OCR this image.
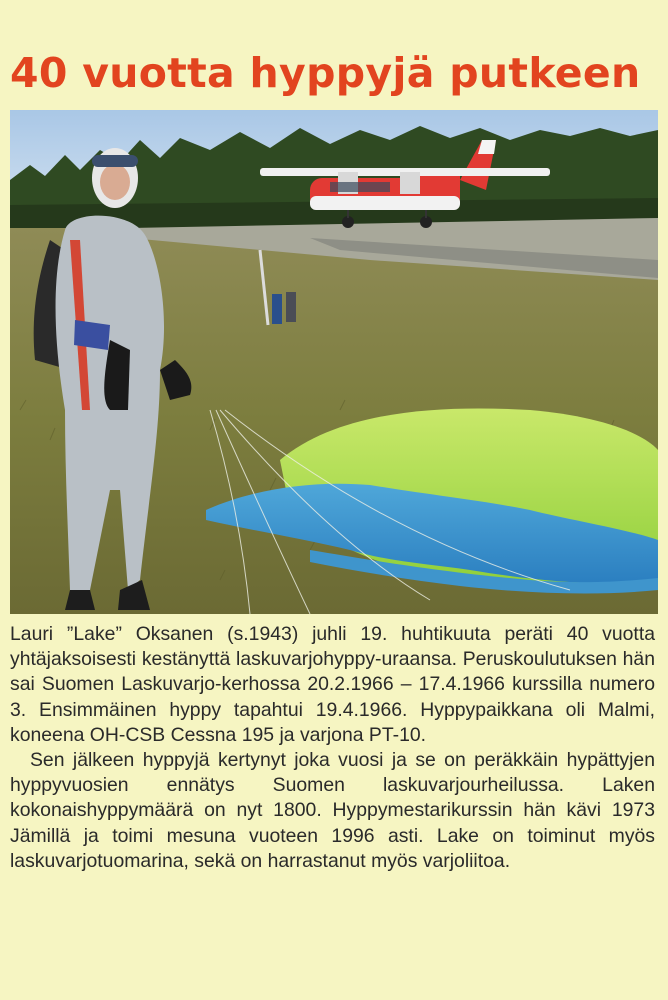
40 vuotta hyppyjä putkeen

Lauri ”Lake” Oksanen (s.1943) juhli 19. huhtikuuta peräti 40 vuotta yhtäjaksoisesti kestänyttä laskuvarjohyppy-uraansa. Peruskoulutuksen hän sai Suomen Laskuvarjo-kerhossa 20.2.1966 – 17.4.1966 kurssilla numero 3. Ensimmäinen hyppy tapahtui 19.4.1966. Hyppypaikkana oli Malmi, koneena OH-CSB Cessna 195 ja varjona PT-10.

Sen jälkeen hyppyjä kertynyt joka vuosi ja se on peräkkäin hypättyjen hyppyvuosien ennätys Suomen laskuvarjourheilussa. Laken kokonaishyppymäärä on nyt 1800. Hyppymestarikurssin hän kävi 1973 Jämillä ja toimi mesuna vuoteen 1996 asti. Lake on toiminut myös laskuvarjotuomarina, sekä on harrastanut myös varjoliitoa.
